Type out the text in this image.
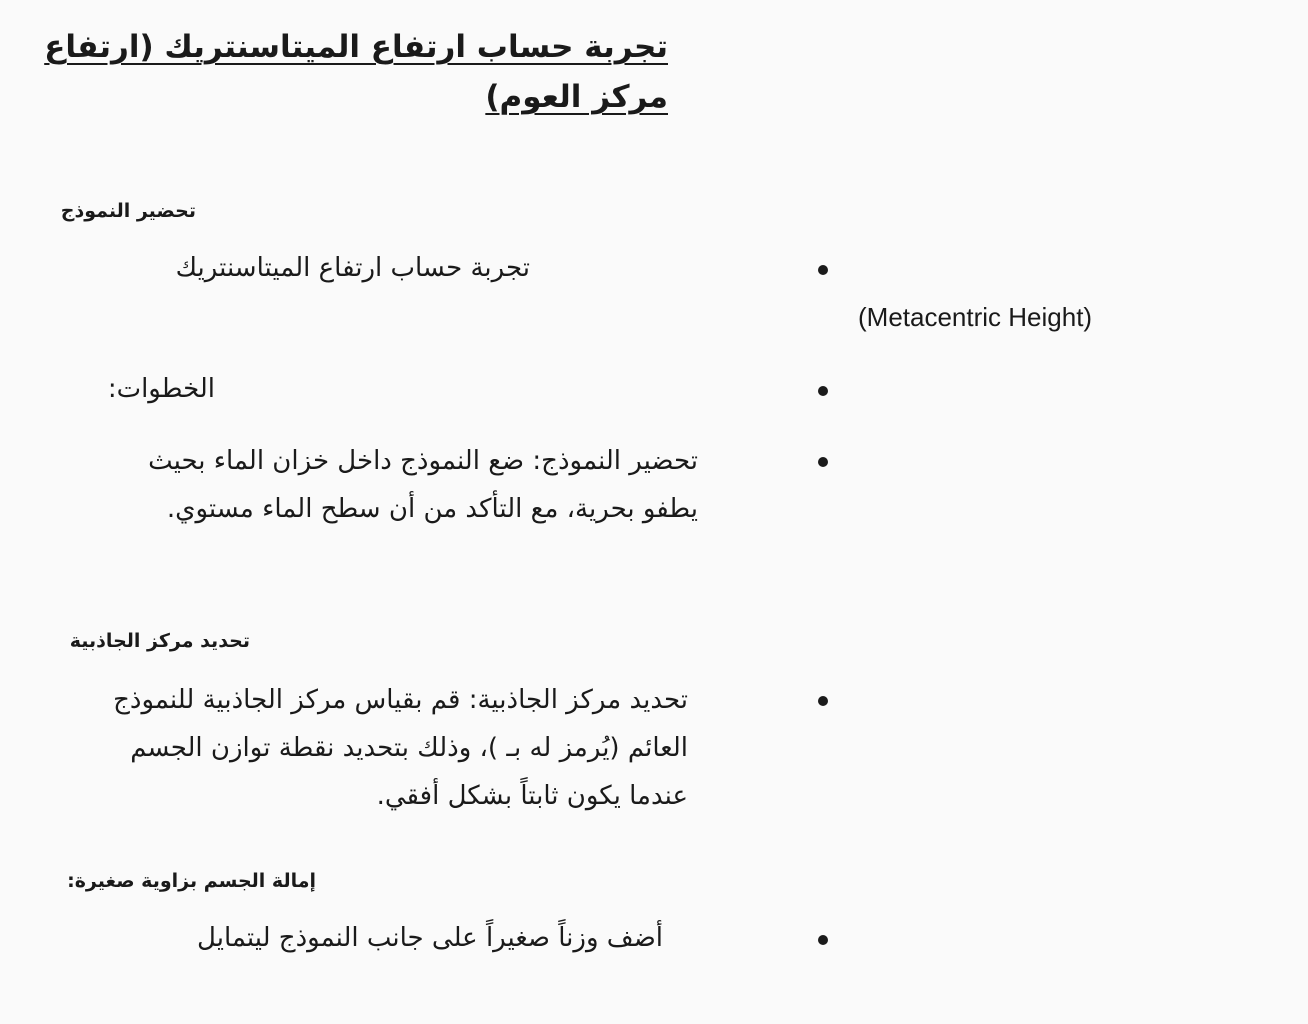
تجربة حساب ارتفاع الميتاسنتريك (ارتفاع مركز العوم)
تحضير النموذج

تجربة حساب ارتفاع الميتاسنتريك

(Metacentric Height)

الخطوات:

تحضير النموذج: ضع النموذج داخل خزان الماء بحيث يطفو بحرية، مع التأكد من أن سطح الماء مستوي.

تحديد مركز الجاذبية

تحديد مركز الجاذبية: قم بقياس مركز الجاذبية للنموذج العائم (يُرمز له بـ )، وذلك بتحديد نقطة توازن الجسم عندما يكون ثابتاً بشكل أفقي.

إمالة الجسم بزاوية صغيرة:

أضف وزناً صغيراً على جانب النموذج ليتمايل
